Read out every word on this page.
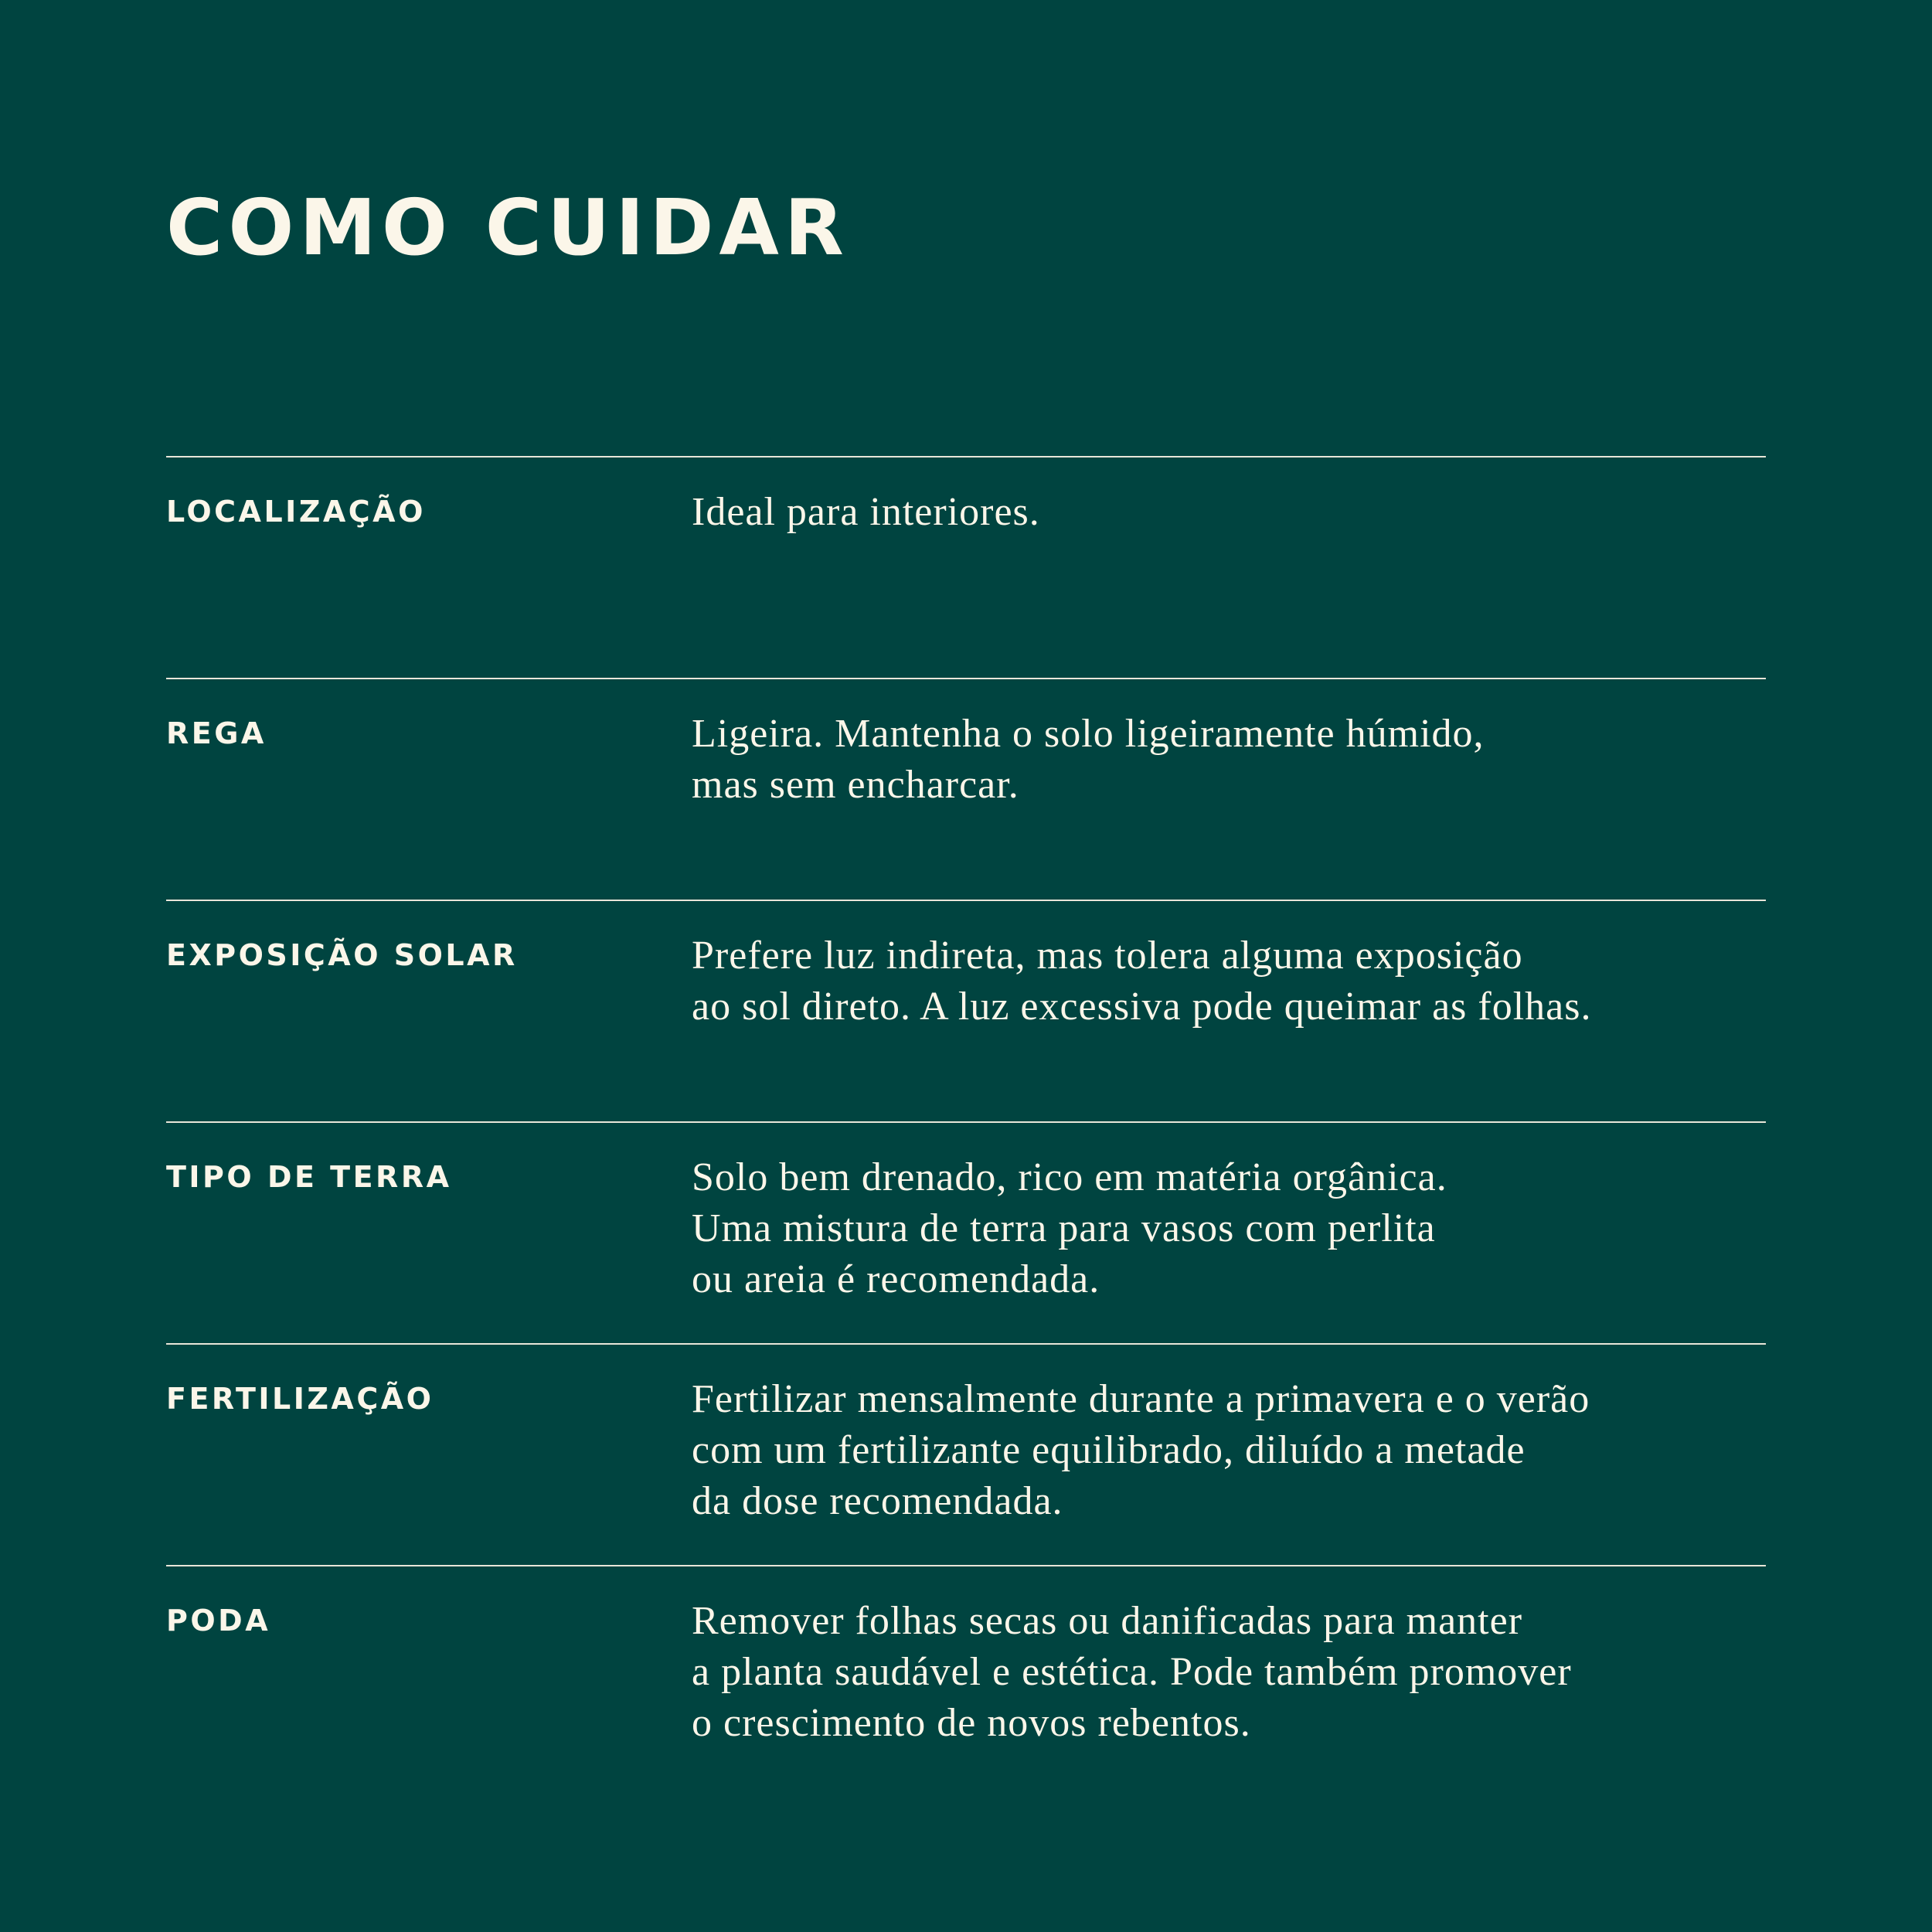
COMO CUIDAR
LOCALIZAÇÃO	Ideal para interiores.
REGA	Ligeira. Mantenha o solo ligeiramente húmido,
mas sem encharcar.
EXPOSIÇÃO SOLAR	Prefere luz indireta, mas tolera alguma exposição
ao sol direto. A luz excessiva pode queimar as folhas.
TIPO DE TERRA	Solo bem drenado, rico em matéria orgânica.
Uma mistura de terra para vasos com perlita
ou areia é recomendada.
FERTILIZAÇÃO	Fertilizar mensalmente durante a primavera e o verão
com um fertilizante equilibrado, diluído a metade
da dose recomendada.
PODA	Remover folhas secas ou danificadas para manter
a planta saudável e estética. Pode também promover
o crescimento de novos rebentos.
